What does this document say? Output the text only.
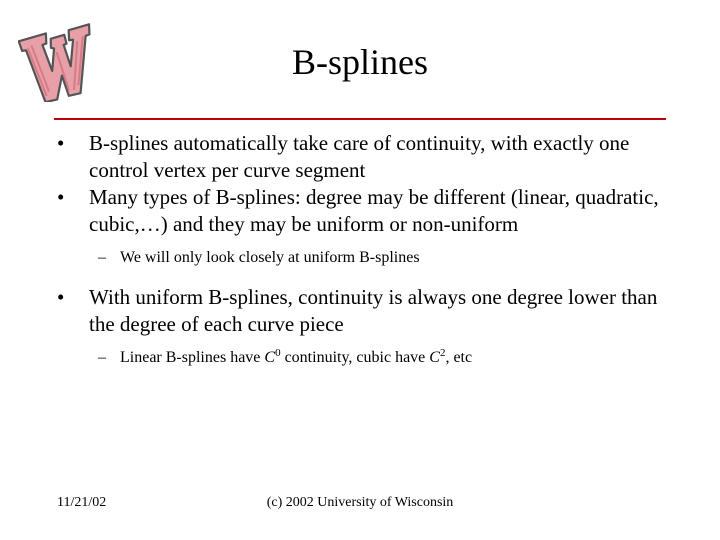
B-splines
• B-splines automatically take care of continuity, with exactly one control vertex per curve segment
• Many types of B-splines: degree may be different (linear, quadratic, cubic,…) and they may be uniform or non-uniform
– We will only look closely at uniform B-splines
• With uniform B-splines, continuity is always one degree lower than the degree of each curve piece
– Linear B-splines have $C^0$ continuity, cubic have $C^2$, etc
11/21/02	(c) 2002 University of Wisconsin
